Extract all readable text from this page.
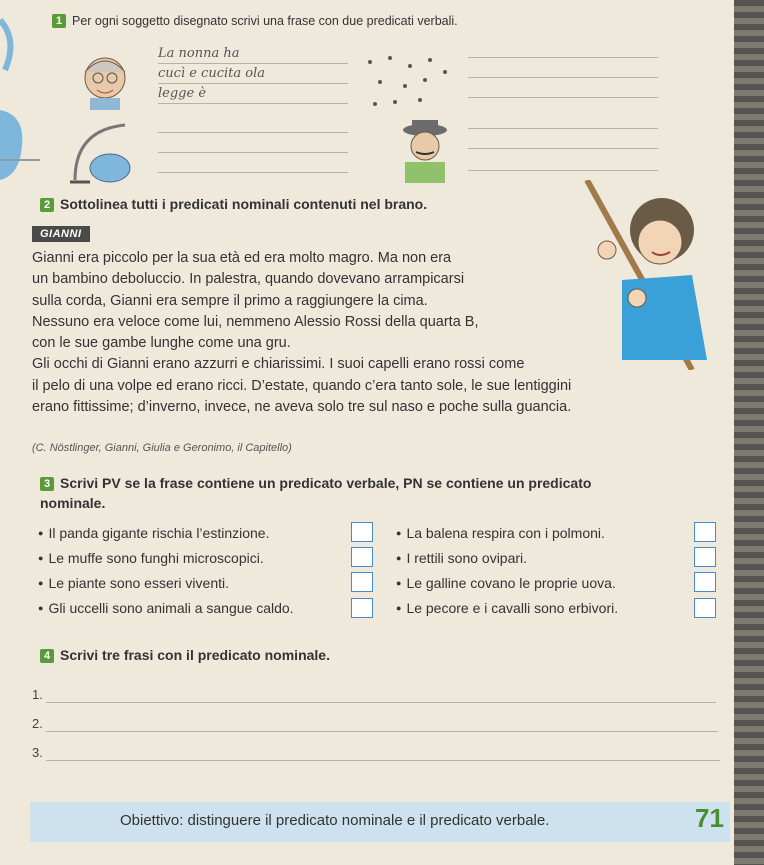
1 Per ogni soggetto disegnato scrivi una frase con due predicati verbali.
La nonna ha
cucì e cucita ola
legge è
2 Sottolinea tutti i predicati nominali contenuti nel brano.
GIANNI

Gianni era piccolo per la sua età ed era molto magro. Ma non era

un bambino deboluccio. In palestra, quando dovevano arrampicarsi

sulla corda, Gianni era sempre il primo a raggiungere la cima.

Nessuno era veloce come lui, nemmeno Alessio Rossi della quarta B,

con le sue gambe lunghe come una gru.

Gli occhi di Gianni erano azzurri e chiarissimi. I suoi capelli erano rossi come

il pelo di una volpe ed erano ricci. D’estate, quando c’era tanto sole, le sue lentiggini

erano fittissime; d’inverno, invece, ne aveva solo tre sul naso e poche sulla guancia.

(C. Nöstlinger, Gianni, Giulia e Geronimo, il Capitello)
3 Scrivi PV se la frase contiene un predicato verbale, PN se contiene un predicato
nominale.
● Il panda gigante rischia l’estinzione.
● Le muffe sono funghi microscopici.
● Le piante sono esseri viventi.
● Gli uccelli sono animali a sangue caldo.
● La balena respira con i polmoni.
● I rettili sono ovipari.
● Le galline covano le proprie uova.
● Le pecore e i cavalli sono erbivori.
4 Scrivi tre frasi con il predicato nominale.
1.
2.
3.
Obiettivo: distinguere il predicato nominale e il predicato verbale.	71
